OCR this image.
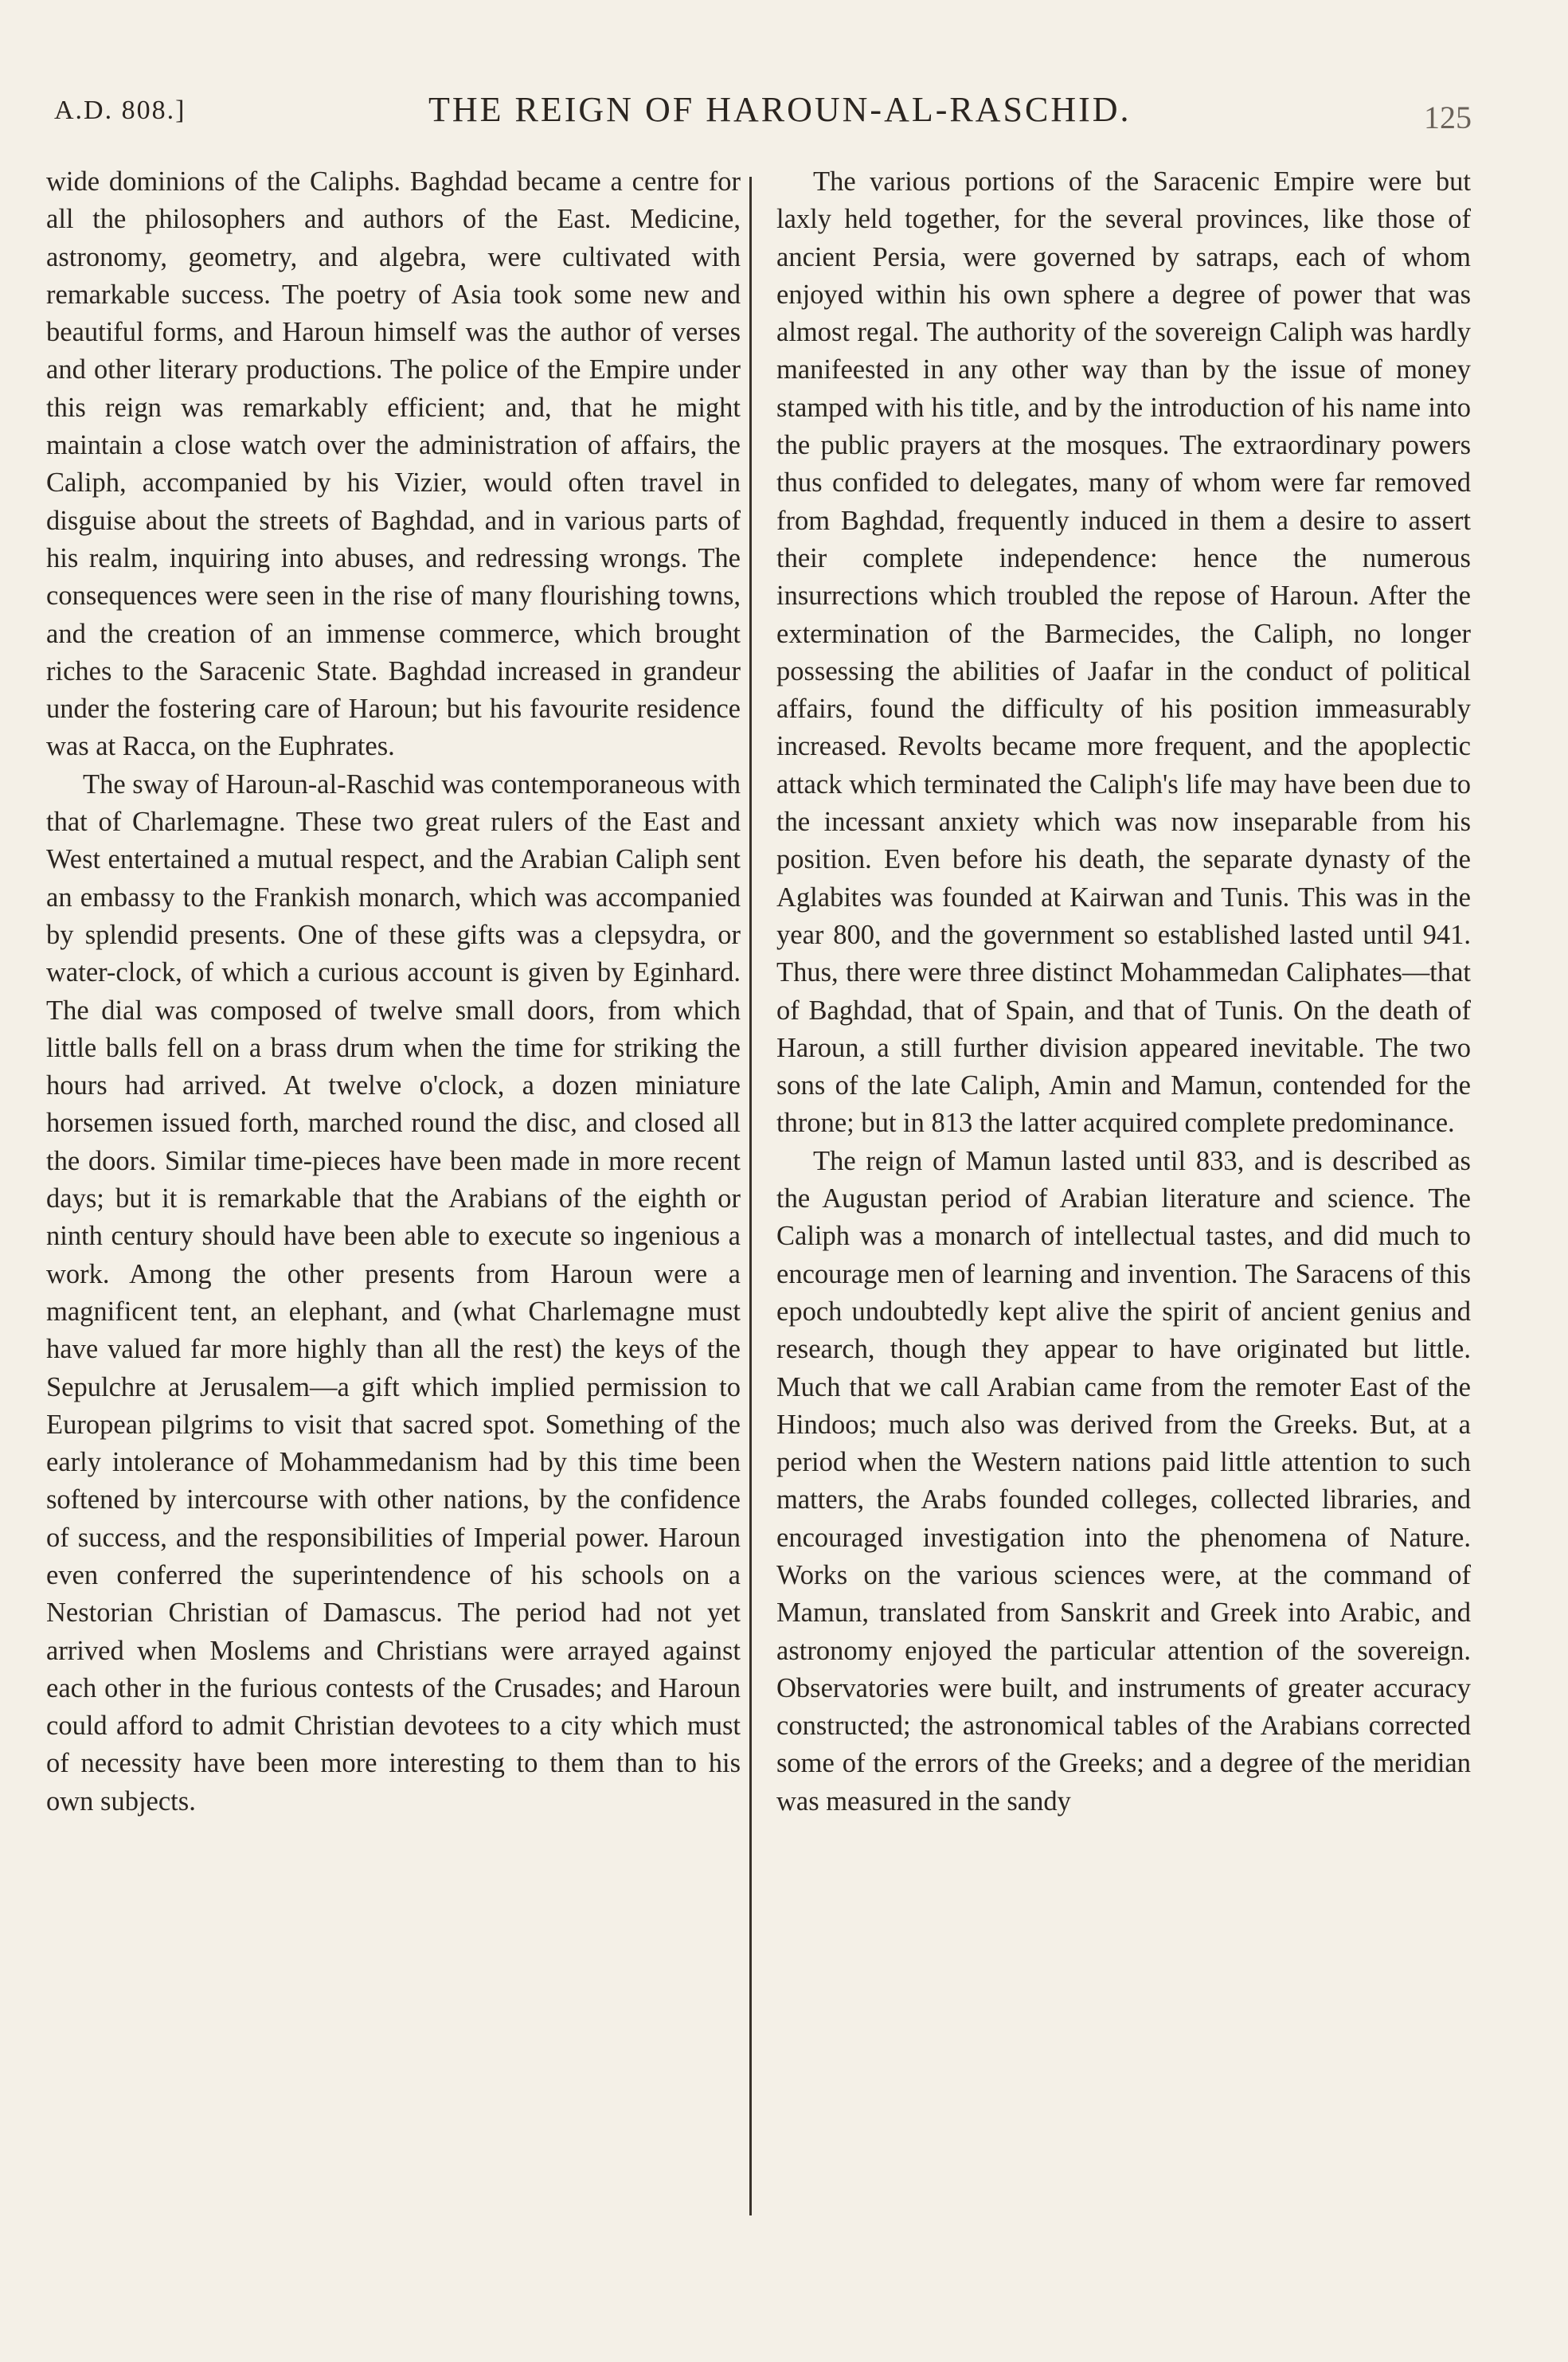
A.D. 808.]	THE REIGN OF HAROUN-AL-RASCHID.	125

wide dominions of the Caliphs. Baghdad became a centre for all the philosophers and authors of the East. Medicine, astronomy, geometry, and algebra, were cultivated with remarkable success. The poetry of Asia took some new and beautiful forms, and Haroun himself was the author of verses and other literary productions. The police of the Empire under this reign was remarkably efficient; and, that he might maintain a close watch over the administration of affairs, the Caliph, accompanied by his Vizier, would often travel in disguise about the streets of Baghdad, and in various parts of his realm, inquiring into abuses, and redressing wrongs. The consequences were seen in the rise of many flourishing towns, and the creation of an immense commerce, which brought riches to the Saracenic State. Baghdad increased in grandeur under the fostering care of Haroun; but his favourite residence was at Racca, on the Euphrates.

The sway of Haroun-al-Raschid was contemporaneous with that of Charlemagne. These two great rulers of the East and West entertained a mutual respect, and the Arabian Caliph sent an embassy to the Frankish monarch, which was accompanied by splendid presents. One of these gifts was a clepsydra, or water-clock, of which a curious account is given by Eginhard. The dial was composed of twelve small doors, from which little balls fell on a brass drum when the time for striking the hours had arrived. At twelve o'clock, a dozen miniature horsemen issued forth, marched round the disc, and closed all the doors. Similar time-pieces have been made in more recent days; but it is remarkable that the Arabians of the eighth or ninth century should have been able to execute so ingenious a work. Among the other presents from Haroun were a magnificent tent, an elephant, and (what Charlemagne must have valued far more highly than all the rest) the keys of the Sepulchre at Jerusalem—a gift which implied permission to European pilgrims to visit that sacred spot. Something of the early intolerance of Mohammedanism had by this time been softened by intercourse with other nations, by the confidence of success, and the responsibilities of Imperial power. Haroun even conferred the superintendence of his schools on a Nestorian Christian of Damascus. The period had not yet arrived when Moslems and Christians were arrayed against each other in the furious contests of the Crusades; and Haroun could afford to admit Christian devotees to a city which must of necessity have been more interesting to them than to his own subjects.

The various portions of the Saracenic Empire were but laxly held together, for the several provinces, like those of ancient Persia, were governed by satraps, each of whom enjoyed within his own sphere a degree of power that was almost regal. The authority of the sovereign Caliph was hardly manifeested in any other way than by the issue of money stamped with his title, and by the introduction of his name into the public prayers at the mosques. The extraordinary powers thus confided to delegates, many of whom were far removed from Baghdad, frequently induced in them a desire to assert their complete independence: hence the numerous insurrections which troubled the repose of Haroun. After the extermination of the Barmecides, the Caliph, no longer possessing the abilities of Jaafar in the conduct of political affairs, found the difficulty of his position immeasurably increased. Revolts became more frequent, and the apoplectic attack which terminated the Caliph's life may have been due to the incessant anxiety which was now inseparable from his position. Even before his death, the separate dynasty of the Aglabites was founded at Kairwan and Tunis. This was in the year 800, and the government so established lasted until 941. Thus, there were three distinct Mohammedan Caliphates—that of Baghdad, that of Spain, and that of Tunis. On the death of Haroun, a still further division appeared inevitable. The two sons of the late Caliph, Amin and Mamun, contended for the throne; but in 813 the latter acquired complete predominance.

The reign of Mamun lasted until 833, and is described as the Augustan period of Arabian literature and science. The Caliph was a monarch of intellectual tastes, and did much to encourage men of learning and invention. The Saracens of this epoch undoubtedly kept alive the spirit of ancient genius and research, though they appear to have originated but little. Much that we call Arabian came from the remoter East of the Hindoos; much also was derived from the Greeks. But, at a period when the Western nations paid little attention to such matters, the Arabs founded colleges, collected libraries, and encouraged investigation into the phenomena of Nature. Works on the various sciences were, at the command of Mamun, translated from Sanskrit and Greek into Arabic, and astronomy enjoyed the particular attention of the sovereign. Observatories were built, and instruments of greater accuracy constructed; the astronomical tables of the Arabians corrected some of the errors of the Greeks; and a degree of the meridian was measured in the sandy
